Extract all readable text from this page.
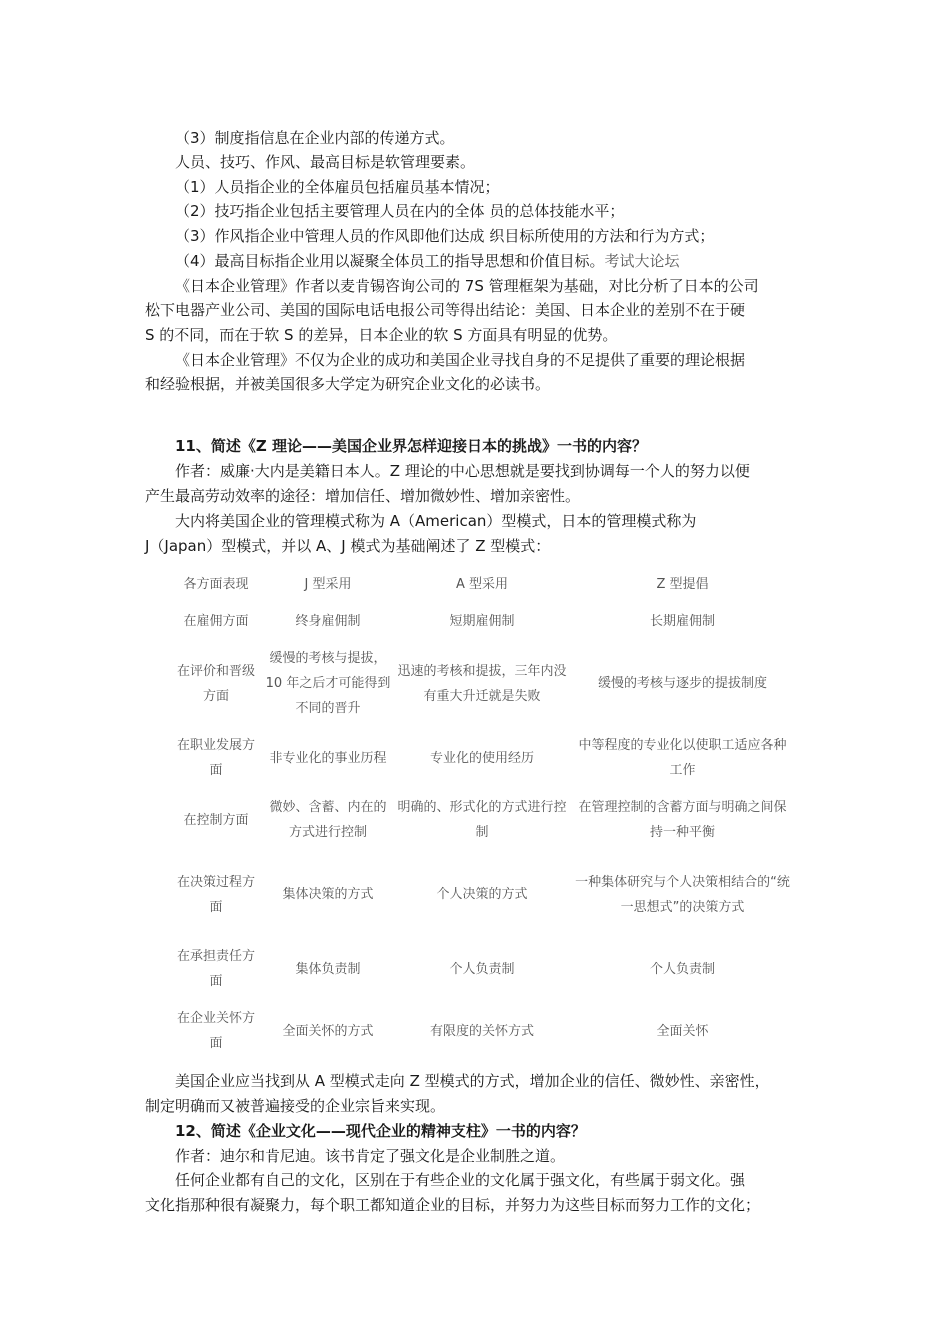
（3）制度指信息在企业内部的传递方式。
人员、技巧、作风、最高目标是软管理要素。
（1）人员指企业的全体雇员包括雇员基本情况；
（2）技巧指企业包括主要管理人员在内的全体 员的总体技能水平；
（3）作风指企业中管理人员的作风即他们达成 织目标所使用的方法和行为方式；
（4）最高目标指企业用以凝聚全体员工的指导思想和价值目标。考试大论坛
《日本企业管理》作者以麦肯锡咨询公司的 7S 管理框架为基础，对比分析了日本的公司
松下电器产业公司、美国的国际电话电报公司等得出结论：美国、日本企业的差别不在于硬
S 的不同，而在于软 S 的差异，日本企业的软 S 方面具有明显的优势。
《日本企业管理》不仅为企业的成功和美国企业寻找自身的不足提供了重要的理论根据
和经验根据，并被美国很多大学定为研究企业文化的必读书。
11、简述《Z 理论——美国企业界怎样迎接日本的挑战》一书的内容？
作者：威廉·大内是美籍日本人。Z 理论的中心思想就是要找到协调每一个人的努力以便
产生最高劳动效率的途径：增加信任、增加微妙性、增加亲密性。
大内将美国企业的管理模式称为 A（American）型模式，日本的管理模式称为
J（Japan）型模式，并以 A、J 模式为基础阐述了 Z 型模式：
各方面表现	J 型采用	A 型采用	Z 型提倡
在雇佣方面	终身雇佣制	短期雇佣制	长期雇佣制
在评价和晋级方面	缓慢的考核与提拔，10 年之后才可能得到不同的晋升	迅速的考核和提拔，三年内没有重大升迁就是失败	缓慢的考核与逐步的提拔制度
在职业发展方面	非专业化的事业历程	专业化的使用经历	中等程度的专业化以使职工适应各种工作
在控制方面	微妙、含蓄、内在的方式进行控制	明确的、形式化的方式进行控制	在管理控制的含蓄方面与明确之间保持一种平衡
在决策过程方面	集体决策的方式	个人决策的方式	一种集体研究与个人决策相结合的“统一思想式”的决策方式
在承担责任方面	集体负责制	个人负责制	个人负责制
在企业关怀方面	全面关怀的方式	有限度的关怀方式	全面关怀
美国企业应当找到从 A 型模式走向 Z 型模式的方式，增加企业的信任、微妙性、亲密性，
制定明确而又被普遍接受的企业宗旨来实现。
12、简述《企业文化——现代企业的精神支柱》一书的内容？
作者：迪尔和肯尼迪。该书肯定了强文化是企业制胜之道。
任何企业都有自己的文化，区别在于有些企业的文化属于强文化，有些属于弱文化。强
文化指那种很有凝聚力，每个职工都知道企业的目标，并努力为这些目标而努力工作的文化；
